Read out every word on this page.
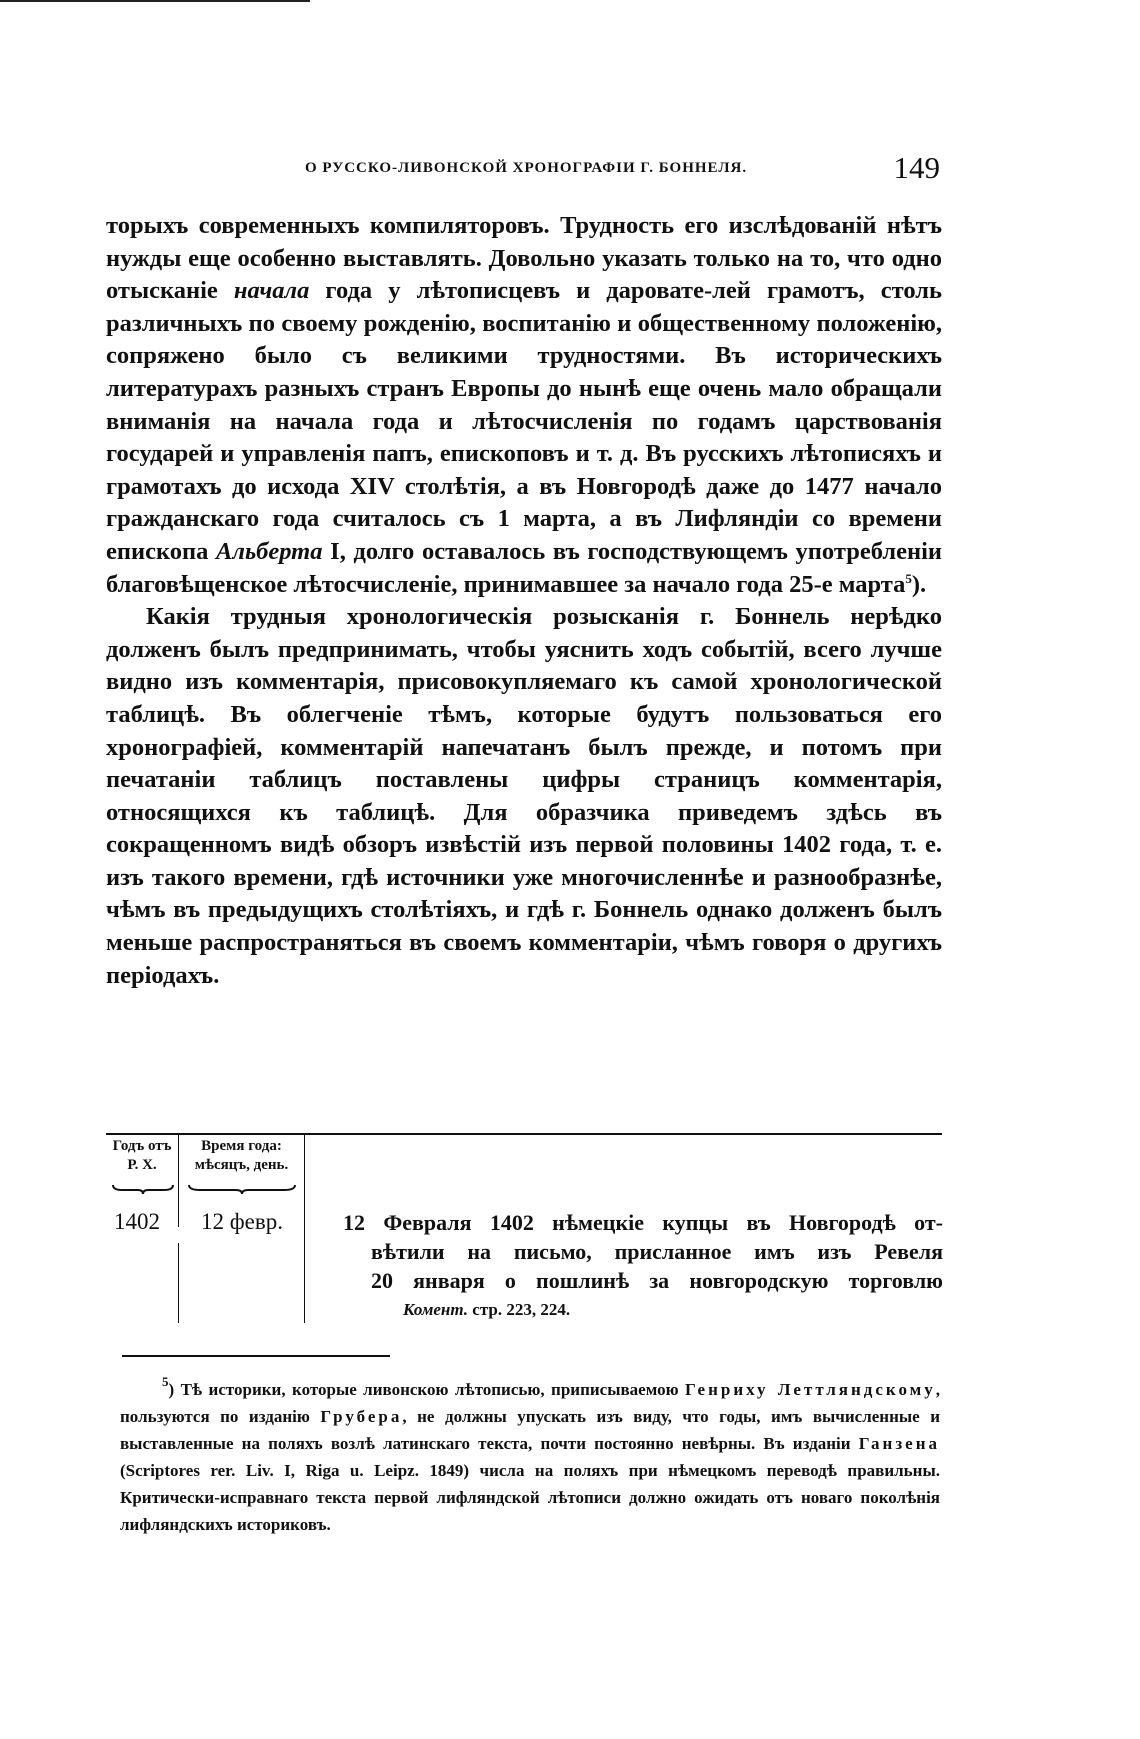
О РУССКО-ЛИВОНСКОЙ ХРОНОГРАФІИ Г. БОННЕЛЯ.	149

торыхъ современныхъ компиляторовъ. Трудность его изслѣдованій нѣтъ нужды еще особенно выставлять. Довольно указать только на то, что одно отысканіе начала года у лѣтописцевъ и даровате-лей грамотъ, столь различныхъ по своему рожденію, воспитанію и общественному положенію, сопряжено было съ великими трудностями. Въ историческихъ литературахъ разныхъ странъ Европы до нынѣ еще очень мало обращали вниманія на начала года и лѣтосчисленія по годамъ царствованія государей и управленія папъ, епископовъ и т. д. Въ русскихъ лѣтописяхъ и грамотахъ до исхода XIV столѣтія, а въ Новгородѣ даже до 1477 начало гражданскаго года считалось съ 1 марта, а въ Лифляндіи со времени епископа Альберта I, долго оставалось въ господствующемъ употребленіи благовѣщенское лѣтосчисленіе, принимавшее за начало года 25-е марта$^5$).

Какія трудныя хронологическія розысканія г. Боннель нерѣдко долженъ былъ предпринимать, чтобы уяснить ходъ событій, всего лучше видно изъ комментарія, присовокупляемаго къ самой хронологической таблицѣ. Въ облегченіе тѣмъ, которые будутъ пользоваться его хронографіей, комментарій напечатанъ былъ прежде, и потомъ при печатаніи таблицъ поставлены цифры страницъ комментарія, относящихся къ таблицѣ. Для образчика приведемъ здѣсь въ сокращенномъ видѣ обзоръ извѣстій изъ первой половины 1402 года, т. е. изъ такого времени, гдѣ источники уже многочисленнѣе и разнообразнѣе, чѣмъ въ предыдущихъ столѣтіяхъ, и гдѣ г. Боннель однако долженъ былъ меньше распространяться въ своемъ комментаріи, чѣмъ говоря о другихъ періодахъ.

Годъ отъ
Р. Х.
Время года:
мѣсяцъ, день.
1402 12 февр.	12 Февраля 1402 нѣмецкіе купцы въ Новгородѣ от-
вѣтили на письмо, присланное имъ изъ Ревеля
20 января о пошлинѣ за новгородскую торговлю
Комент. стр. 223, 224.

$^5$) Тѣ историки, которые ливонскою лѣтописью, приписываемою Генриху Леттляндскому, пользуются по изданію Грубера, не должны упускать изъ виду, что годы, имъ вычисленные и выставленные на поляхъ возлѣ латинскаго текста, почти постоянно невѣрны. Въ изданіи Ганзена (Scriptores rer. Liv. I, Riga u. Leipz. 1849) числа на поляхъ при нѣмецкомъ переводѣ правильны. Критически-исправнаго текста первой лифляндской лѣтописи должно ожидать отъ новаго поколѣнія лифляндскихъ историковъ.
